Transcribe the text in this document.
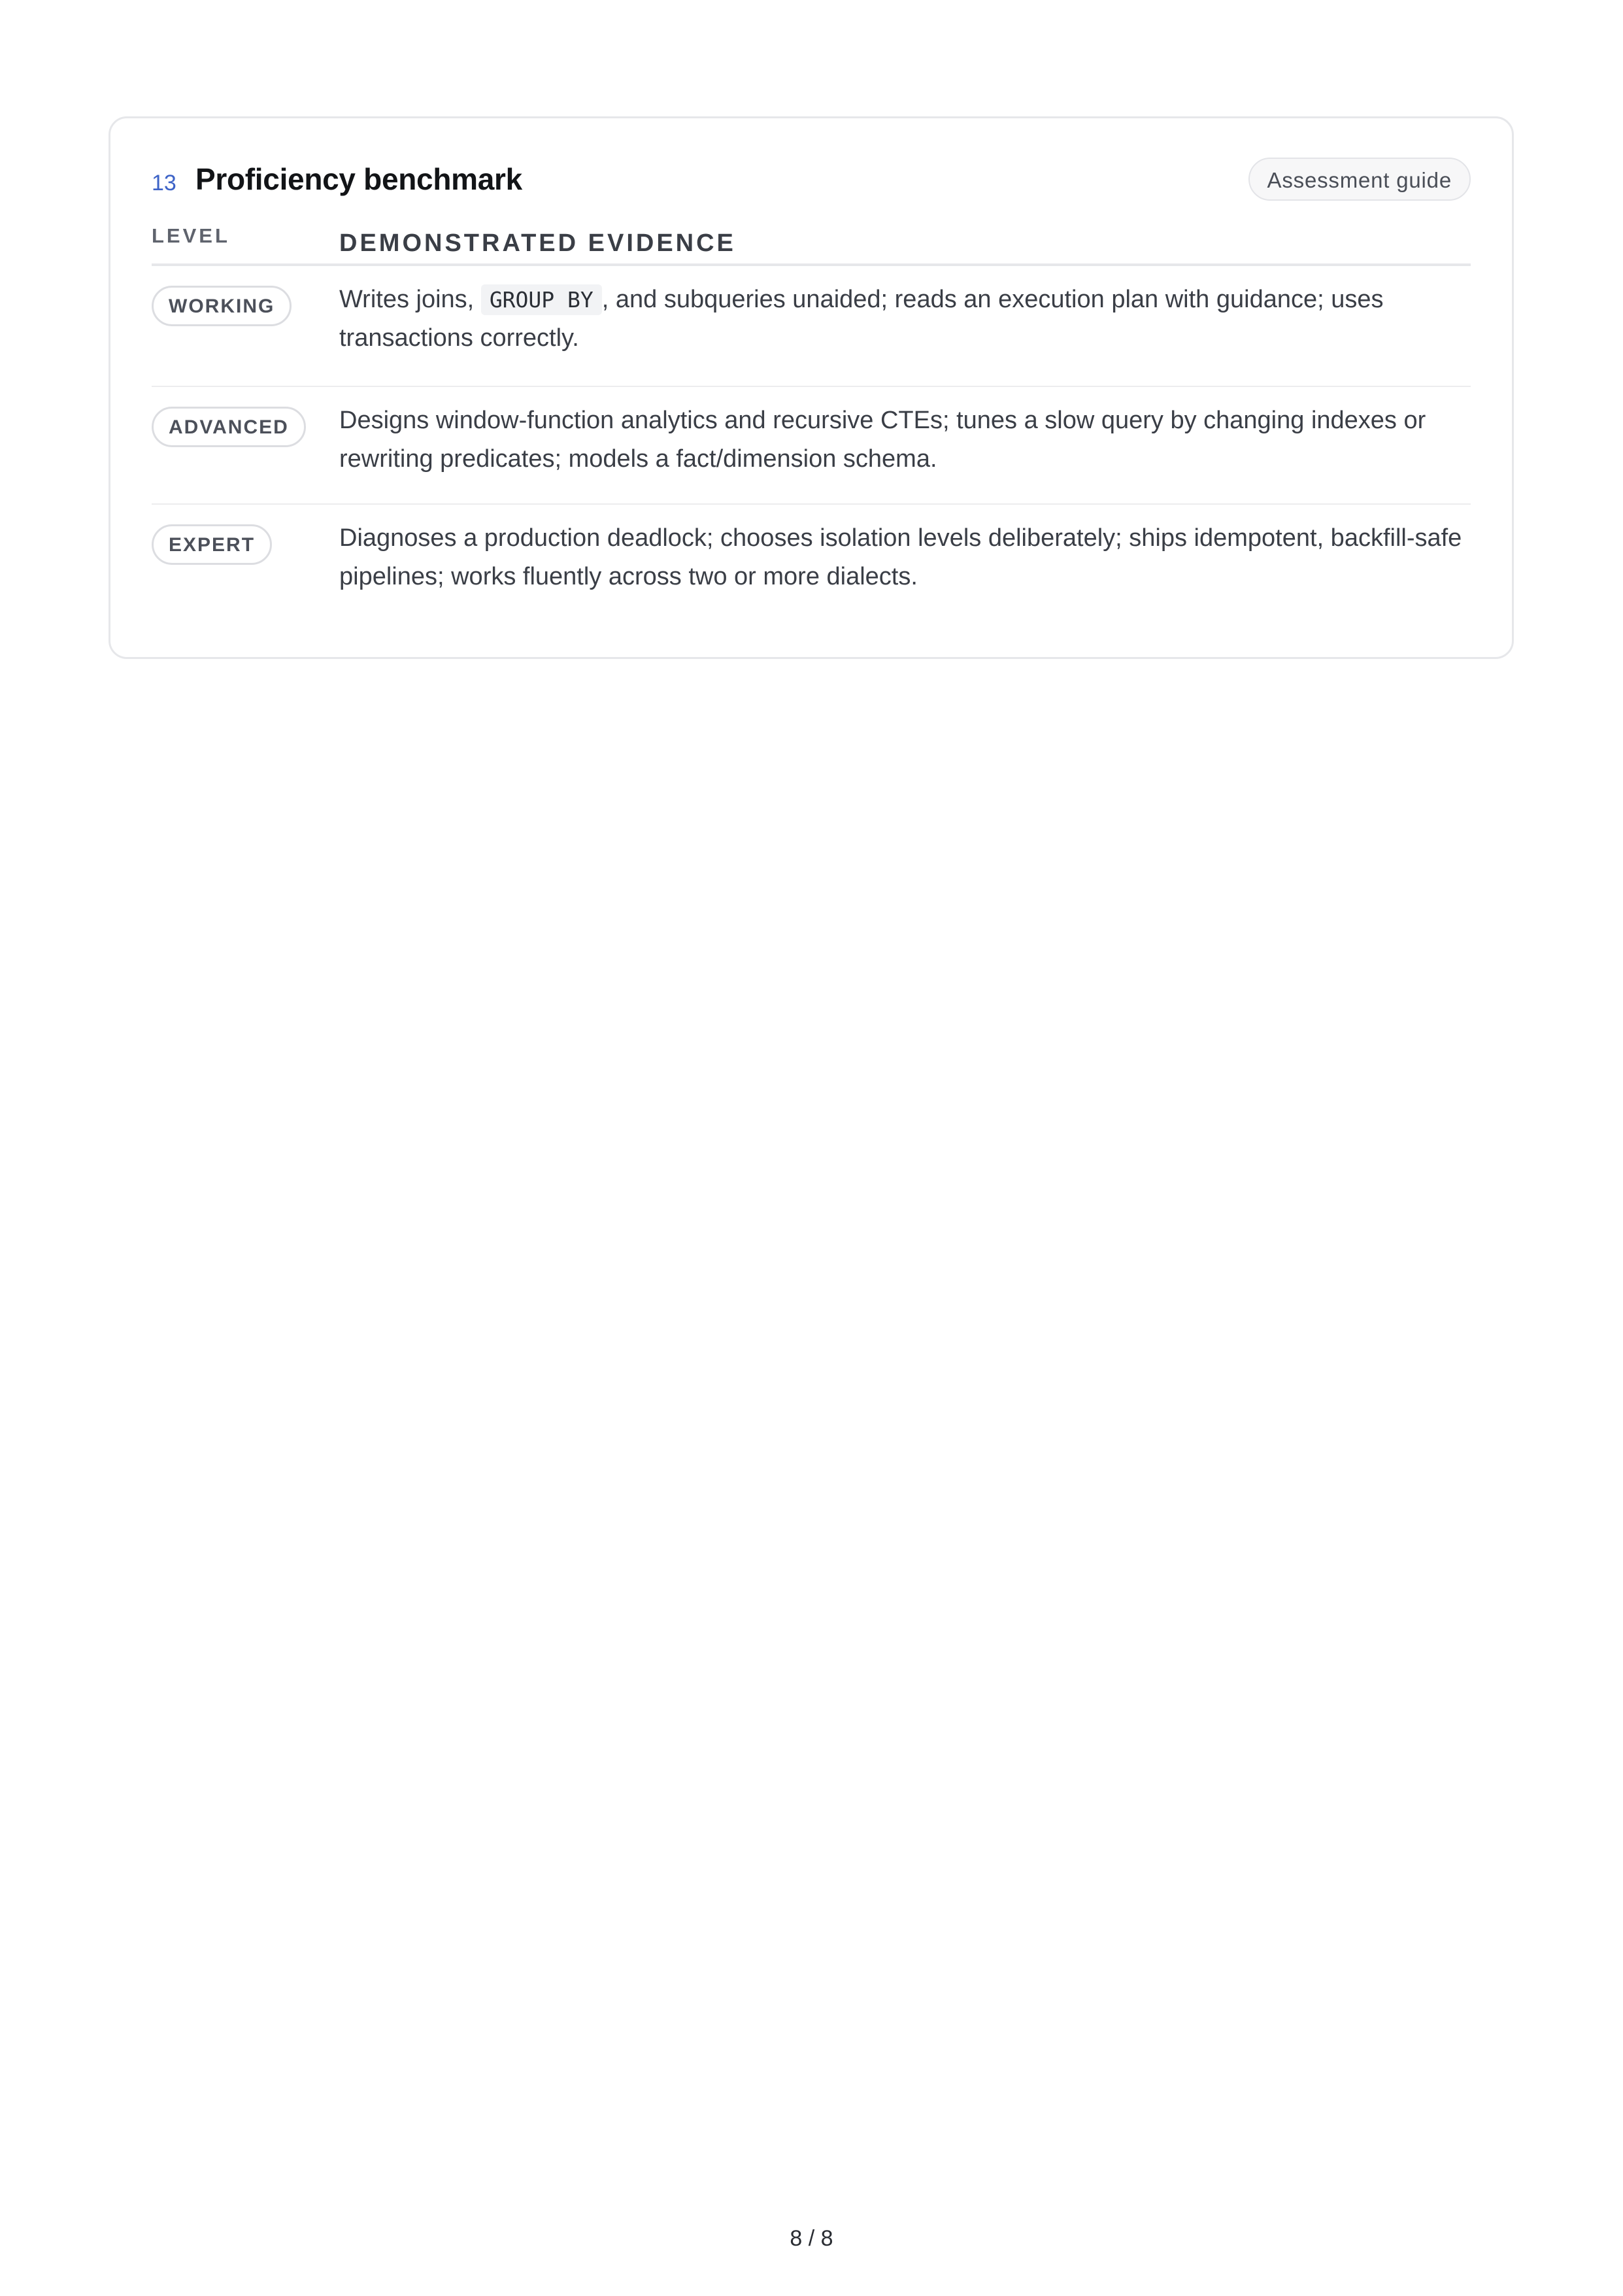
13 Proficiency benchmark	Assessment guide
LEVEL	DEMONSTRATED EVIDENCE
WORKING	Writes joins, GROUP BY , and subqueries unaided; reads an execution plan with guidance; uses transactions correctly.
ADVANCED	Designs window-function analytics and recursive CTEs; tunes a slow query by changing indexes or rewriting predicates; models a fact/dimension schema.
EXPERT	Diagnoses a production deadlock; chooses isolation levels deliberately; ships idempotent, backfill-safe pipelines; works fluently across two or more dialects.
8 / 8
